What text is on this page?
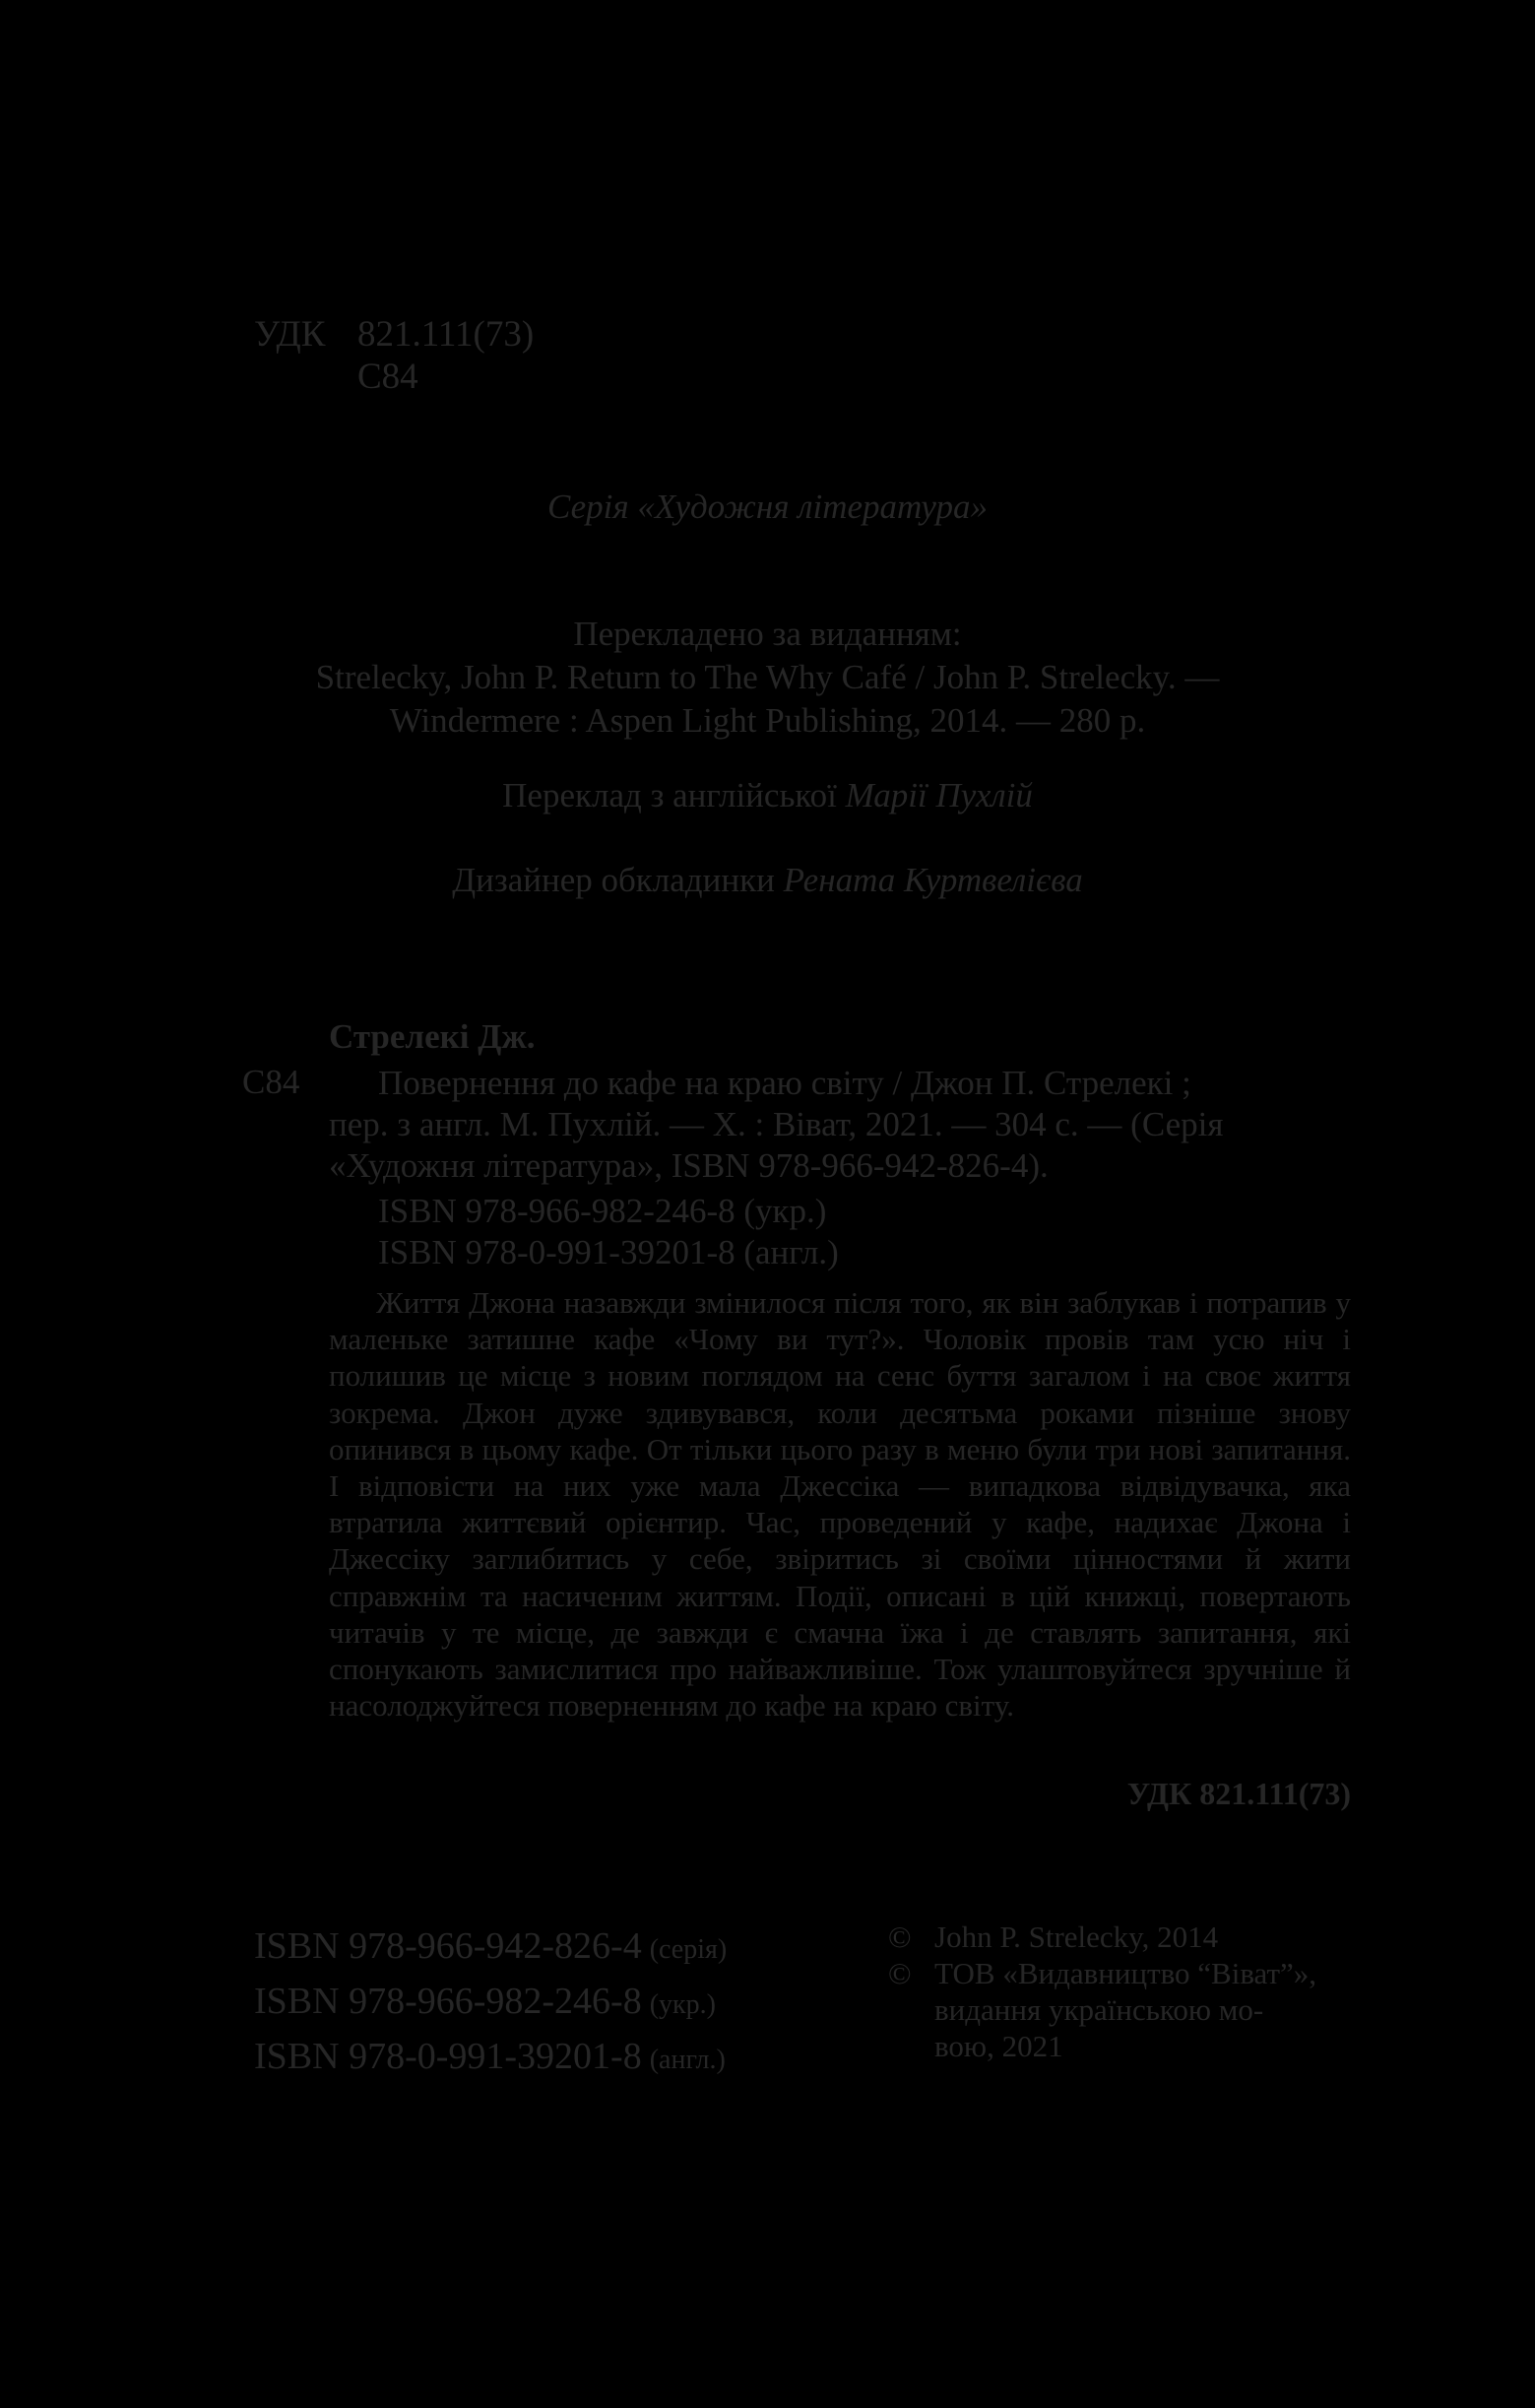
УДК 821.111(73)
С84
Серія «Художня література»
Перекладено за виданням:
Strelecky, John P. Return to The Why Café / John P. Strelecky. —
Windermere : Aspen Light Publishing, 2014. — 280 p.
Переклад з англійської Марії Пухлій
Дизайнер обкладинки Рената Куртвелієва
Стрелекі Дж.
С84	Повернення до кафе на краю світу / Джон П. Стрелекі ;
пер. з англ. М. Пухлій. — Х. : Віват, 2021. — 304 с. — (Серія
«Художня література», ISBN 978-966-942-826-4).
ISBN 978-966-982-246-8 (укр.)
ISBN 978-0-991-39201-8 (англ.)
Життя Джона назавжди змінилося після того, як він заблукав і потрапив у маленьке затишне кафе «Чому ви тут?». Чоловік провів там усю ніч і полишив це місце з новим поглядом на сенс буття загалом і на своє життя зокрема. Джон дуже здивувався, коли десятьма роками пізніше знову опинився в цьому кафе. От тільки цього разу в меню були три нові запитання. І відповісти на них уже мала Джессіка — випадкова відвідувачка, яка втратила життєвий орієнтир. Час, проведений у кафе, надихає Джона і Джессіку заглибитись у себе, звіритись зі своїми цінностями й жити справжнім та насиченим життям. Події, описані в цій книжці, повертають читачів у те місце, де завжди є смачна їжа і де ставлять запитання, які спонукають замислитися про найважливіше. Тож улаштовуйтеся зручніше й насолоджуйтеся поверненням до кафе на краю світу.
УДК 821.111(73)
ISBN 978-966-942-826-4 (серія)
ISBN 978-966-982-246-8 (укр.)
ISBN 978-0-991-39201-8 (англ.)
© John P. Strelecky, 2014
© ТОВ «Видавництво “Віват”»,
видання українською мо-
вою, 2021
